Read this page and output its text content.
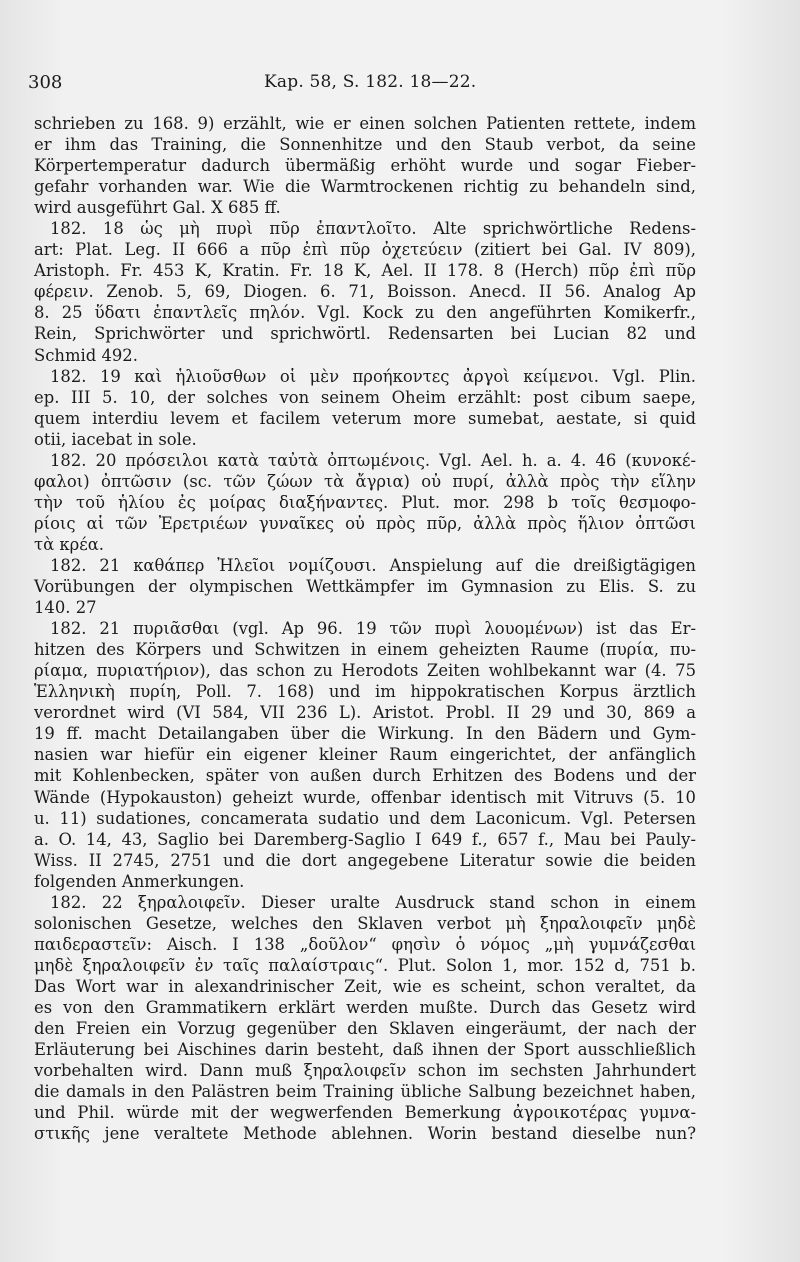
308	Kap. 58, S. 182. 18—22.
schrieben zu 168. 9) erzählt, wie er einen solchen Patienten rettete, indem
er ihm das Training, die Sonnenhitze und den Staub verbot, da seine
Körpertemperatur dadurch übermäßig erhöht wurde und sogar Fieber-
gefahr vorhanden war. Wie die Warmtrockenen richtig zu behandeln sind,
wird ausgeführt Gal. X 685 ff.
182. 18 ὡς μὴ πυρὶ πῦρ ἐπαντλοῖτο. Alte sprichwörtliche Redens-
art: Plat. Leg. II 666 a πῦρ ἐπὶ πῦρ ὀχετεύειν (zitiert bei Gal. IV 809),
Aristoph. Fr. 453 K, Kratin. Fr. 18 K, Ael. II 178. 8 (Herch) πῦρ ἐπὶ πῦρ
φέρειν. Zenob. 5, 69, Diogen. 6. 71, Boisson. Anecd. II 56. Analog Ap
8. 25 ὕδατι ἐπαντλεῖς πηλόν. Vgl. Kock zu den angeführten Komikerfr.,
Rein, Sprichwörter und sprichwörtl. Redensarten bei Lucian 82 und
Schmid 492.
182. 19 καὶ ἡλιοῦσθων οἱ μὲν προήκοντες ἀργοὶ κείμενοι. Vgl. Plin.
ep. III 5. 10, der solches von seinem Oheim erzählt: post cibum saepe,
quem interdiu levem et facilem veterum more sumebat, aestate, si quid
otii, iacebat in sole.
182. 20 πρόσειλοι κατὰ ταὐτὰ ὀπτωμένοις. Vgl. Ael. h. a. 4. 46 (κυνοκέ-
φαλοι) ὀπτῶσιν (sc. τῶν ζώων τὰ ἄγρια) οὐ πυρί, ἀλλὰ πρὸς τὴν εἵλην
τὴν τοῦ ἡλίου ἐς μοίρας διαξήναντες. Plut. mor. 298 b τοῖς θεσμοφο-
ρίοις αἱ τῶν Ἐρετριέων γυναῖκες οὐ πρὸς πῦρ, ἀλλὰ πρὸς ἥλιον ὀπτῶσι
τὰ κρέα.
182. 21 καθάπερ Ἠλεῖοι νομίζουσι. Anspielung auf die dreißigtägigen
Vorübungen der olympischen Wettkämpfer im Gymnasion zu Elis. S. zu
140. 27
182. 21 πυριᾶσθαι (vgl. Ap 96. 19 τῶν πυρὶ λουομένων) ist das Er-
hitzen des Körpers und Schwitzen in einem geheizten Raume (πυρία, πυ-
ρίαμα, πυριατήριον), das schon zu Herodots Zeiten wohlbekannt war (4. 75
Ἑλληνικὴ πυρίη, Poll. 7. 168) und im hippokratischen Korpus ärztlich
verordnet wird (VI 584, VII 236 L). Aristot. Probl. II 29 und 30, 869 a
19 ff. macht Detailangaben über die Wirkung. In den Bädern und Gym-
nasien war hiefür ein eigener kleiner Raum eingerichtet, der anfänglich
mit Kohlenbecken, später von außen durch Erhitzen des Bodens und der
Wände (Hypokauston) geheizt wurde, offenbar identisch mit Vitruvs (5. 10
u. 11) sudationes, concamerata sudatio und dem Laconicum. Vgl. Petersen
a. O. 14, 43, Saglio bei Daremberg-Saglio I 649 f., 657 f., Mau bei Pauly-
Wiss. II 2745, 2751 und die dort angegebene Literatur sowie die beiden
folgenden Anmerkungen.
182. 22 ξηραλοιφεῖν. Dieser uralte Ausdruck stand schon in einem
solonischen Gesetze, welches den Sklaven verbot μὴ ξηραλοιφεῖν μηδὲ
παιδεραστεῖν: Aisch. I 138 „δοῦλον“ φησὶν ὁ νόμος „μὴ γυμνάζεσθαι
μηδὲ ξηραλοιφεῖν ἐν ταῖς παλαίστραις“. Plut. Solon 1, mor. 152 d, 751 b.
Das Wort war in alexandrinischer Zeit, wie es scheint, schon veraltet, da
es von den Grammatikern erklärt werden mußte. Durch das Gesetz wird
den Freien ein Vorzug gegenüber den Sklaven eingeräumt, der nach der
Erläuterung bei Aischines darin besteht, daß ihnen der Sport ausschließlich
vorbehalten wird. Dann muß ξηραλοιφεῖν schon im sechsten Jahrhundert
die damals in den Palästren beim Training übliche Salbung bezeichnet haben,
und Phil. würde mit der wegwerfenden Bemerkung ἀγροικοτέρας γυμνα-
στικῆς jene veraltete Methode ablehnen. Worin bestand dieselbe nun?
